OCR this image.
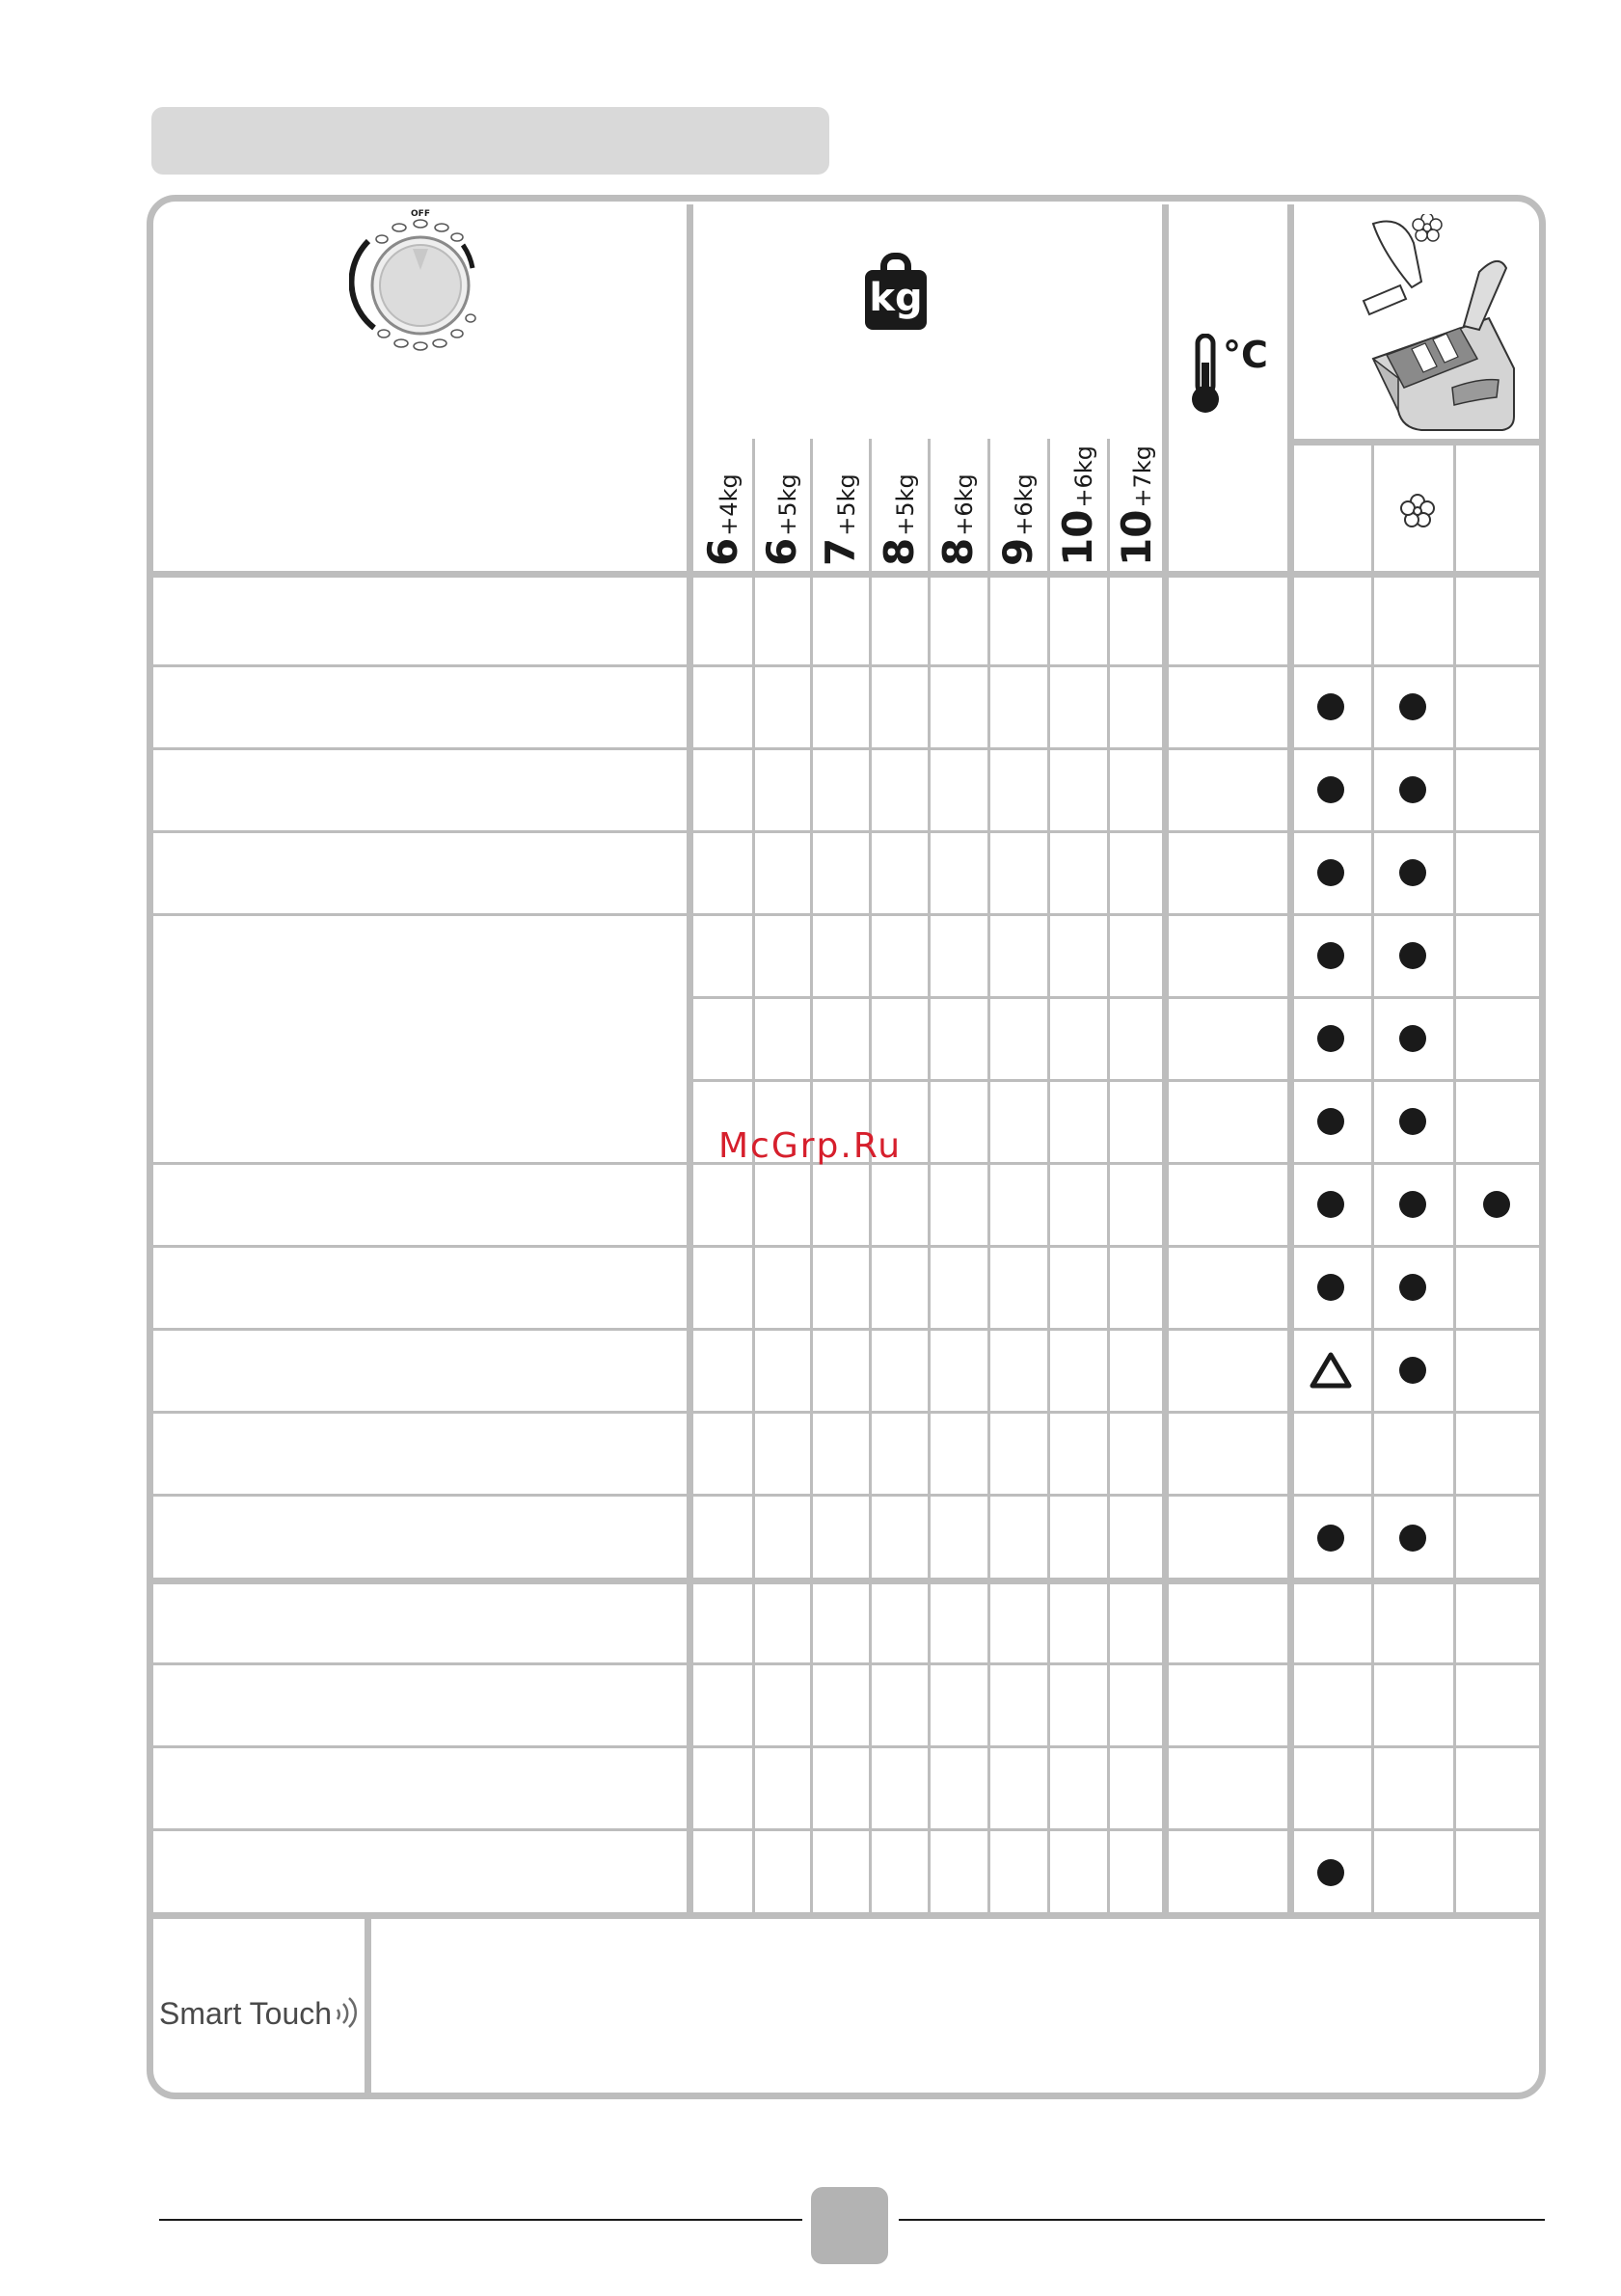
OFF
kg
°C
6
+4kg
6
+5kg
7
+5kg
8
+5kg
8
+6kg
9
+6kg
10
+6kg
10
+7kg
McGrp.Ru
Smart Touch
